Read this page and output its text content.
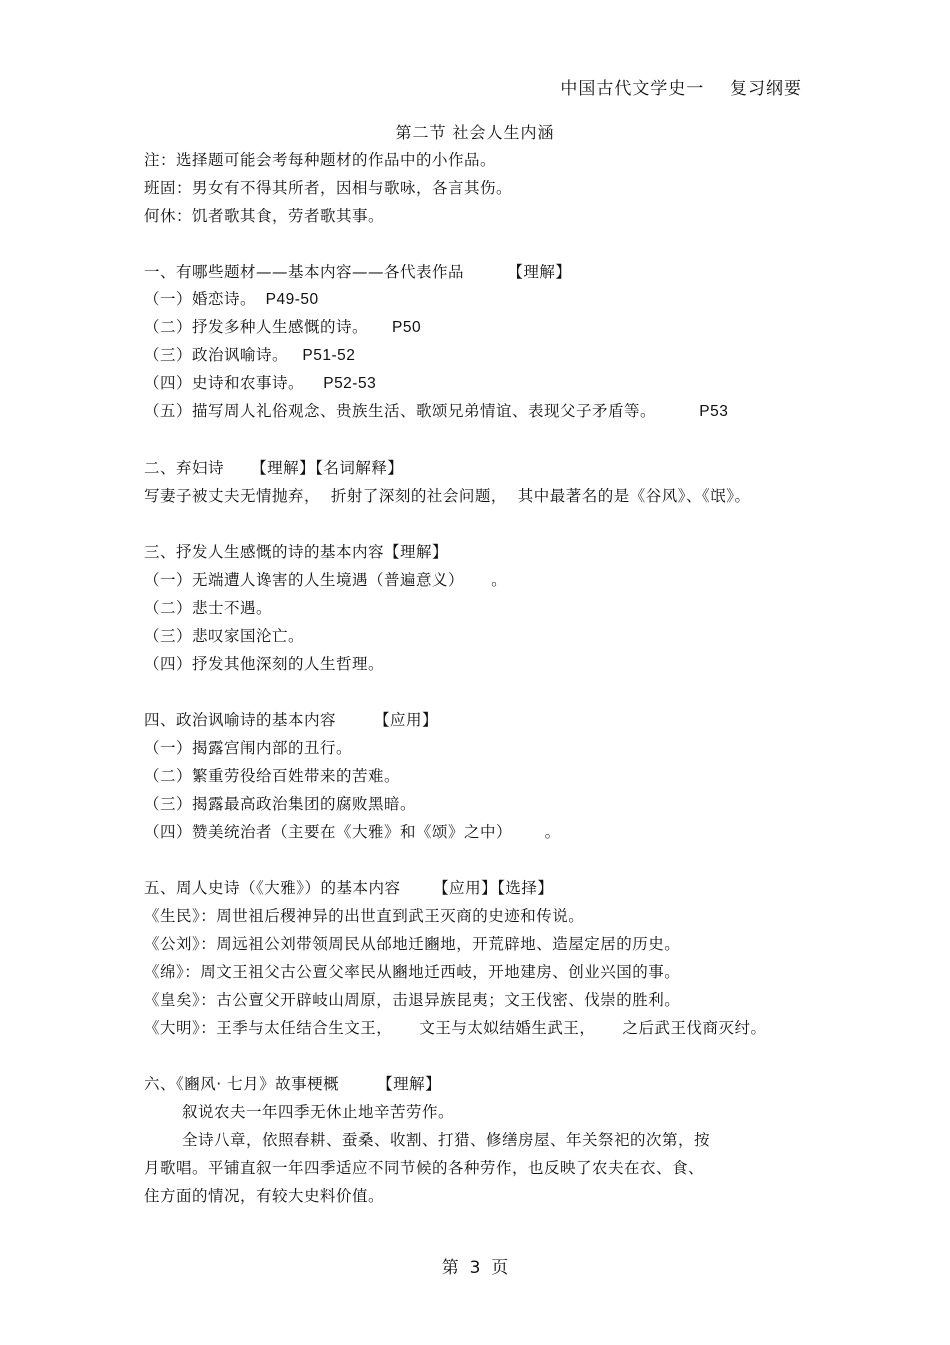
中国古代文学史一    复习纲要
第二节 社会人生内涵
注：选择题可能会考每种题材的作品中的小作品。
班固：男女有不得其所者，因相与歌咏，各言其伤。
何休：饥者歌其食，劳者歌其事。
一、有哪些题材——基本内容——各代表作品        【理解】
（一）婚恋诗。  P49-50
（二）抒发多种人生感慨的诗。     P50
（三）政治讽喻诗。   P51-52
（四）史诗和农事诗。    P52-53
（五）描写周人礼俗观念、贵族生活、歌颂兄弟情谊、表现父子矛盾等。         P53
二、弃妇诗     【理解】【名词解释】
写妻子被丈夫无情抛弃，  折射了深刻的社会问题，  其中最著名的是《谷风》、《氓》。
三、抒发人生感慨的诗的基本内容【理解】
（一）无端遭人谗害的人生境遇（普遍意义）     。
（二）悲士不遇。
（三）悲叹家国沦亡。
（四）抒发其他深刻的人生哲理。
四、政治讽喻诗的基本内容       【应用】
（一）揭露宫闱内部的丑行。
（二）繁重劳役给百姓带来的苦难。
（三）揭露最高政治集团的腐败黑暗。
（四）赞美统治者（主要在《大雅》和《颂》之中）      。
五、周人史诗（《大雅》）的基本内容      【应用】【选择】
《生民》：周世祖后稷神异的出世直到武王灭商的史迹和传说。
《公刘》：周远祖公刘带领周民从邰地迁豳地，开荒辟地、造屋定居的历史。
《绵》：周文王祖父古公亶父率民从豳地迁西岐，开地建房、创业兴国的事。
《皇矣》：古公亶父开辟岐山周原，击退异族昆夷；文王伐密、伐崇的胜利。
《大明》：王季与太任结合生文王，     文王与太姒结婚生武王，     之后武王伐商灭纣。
六、《豳风· 七月》故事梗概       【理解】
叙说农夫一年四季无休止地辛苦劳作。
全诗八章，依照春耕、蚕桑、收割、打猎、修缮房屋、年关祭祀的次第，按
月歌唱。平铺直叙一年四季适应不同节候的各种劳作，也反映了农夫在衣、食、
住方面的情况，有较大史料价值。
第  3  页
